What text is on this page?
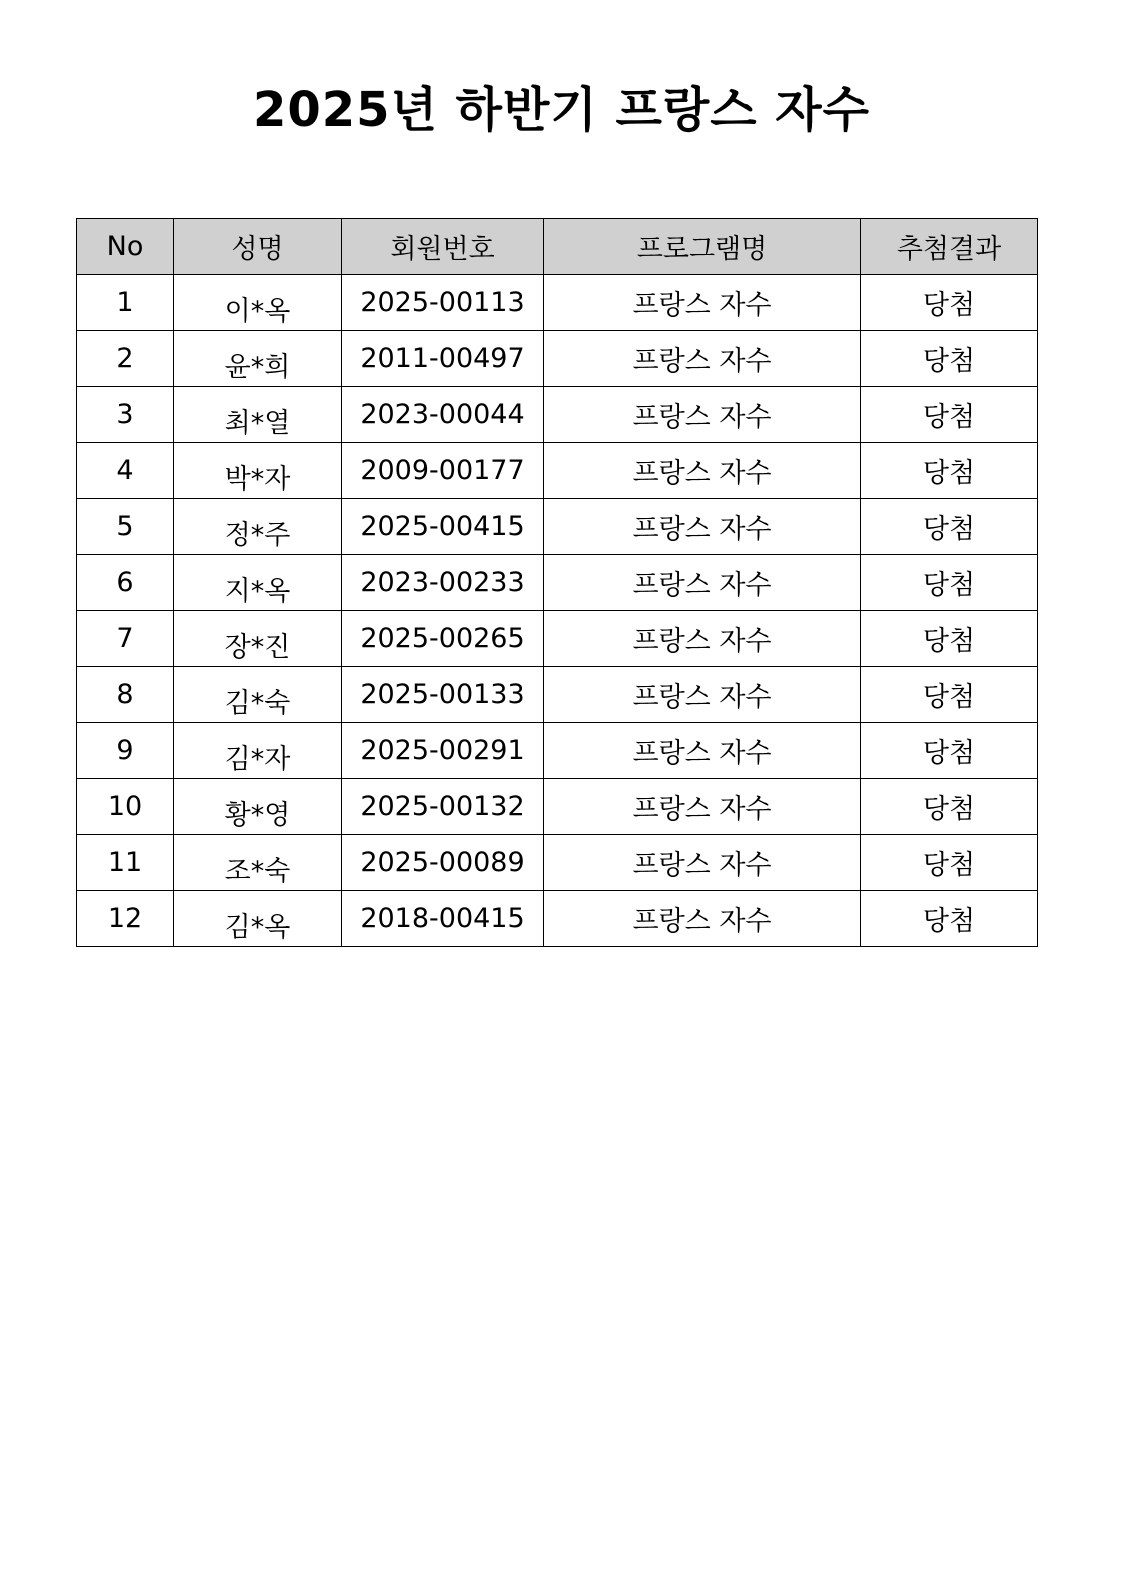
2025년 하반기 프랑스 자수
No	성명	회원번호	프로그램명	추첨결과
1	이*옥	2025-00113	프랑스 자수	당첨
2	윤*희	2011-00497	프랑스 자수	당첨
3	최*열	2023-00044	프랑스 자수	당첨
4	박*자	2009-00177	프랑스 자수	당첨
5	정*주	2025-00415	프랑스 자수	당첨
6	지*옥	2023-00233	프랑스 자수	당첨
7	장*진	2025-00265	프랑스 자수	당첨
8	김*숙	2025-00133	프랑스 자수	당첨
9	김*자	2025-00291	프랑스 자수	당첨
10	황*영	2025-00132	프랑스 자수	당첨
11	조*숙	2025-00089	프랑스 자수	당첨
12	김*옥	2018-00415	프랑스 자수	당첨
